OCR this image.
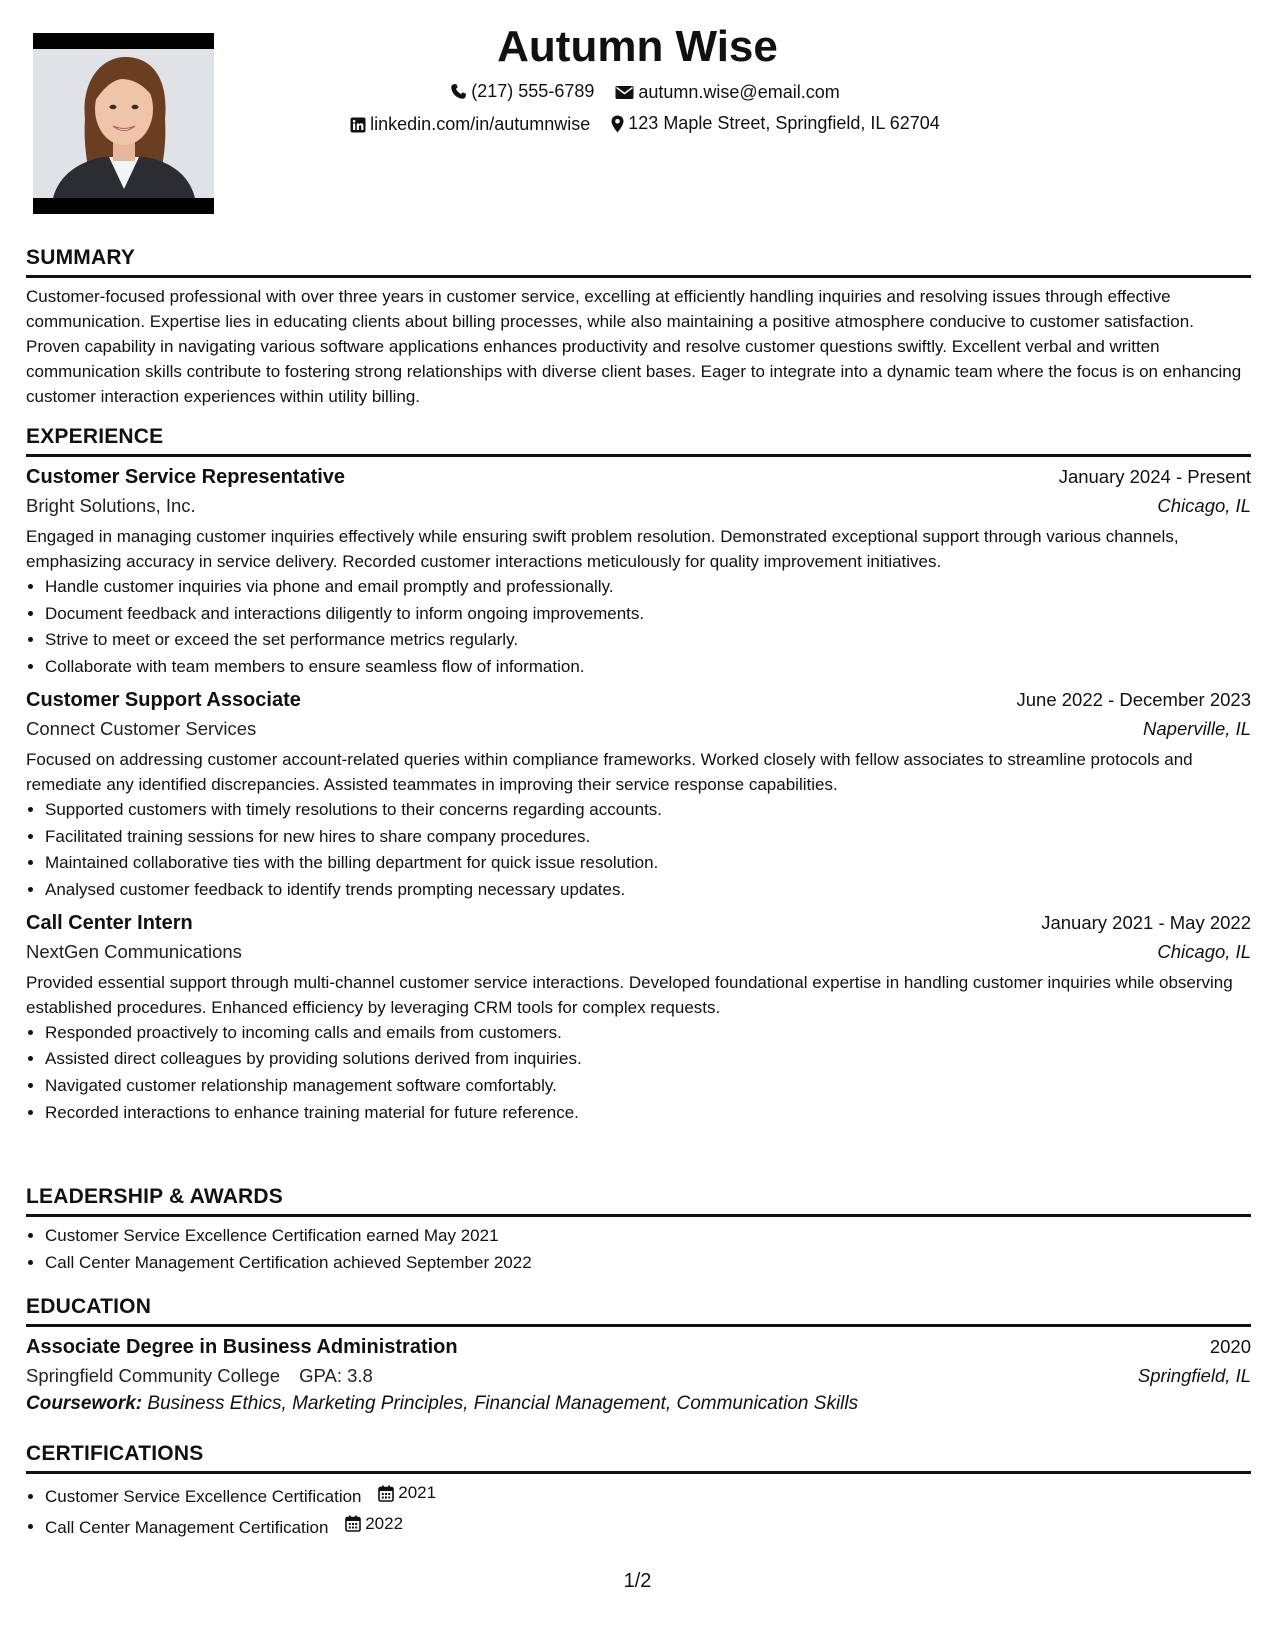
Autumn Wise
(217) 555-6789
autumn.wise@email.com
linkedin.com/in/autumnwise
123 Maple Street, Springfield, IL 62704
SUMMARY
Customer-focused professional with over three years in customer service, excelling at efficiently handling inquiries and resolving issues through effective communication. Expertise lies in educating clients about billing processes, while also maintaining a positive atmosphere conducive to customer satisfaction. Proven capability in navigating various software applications enhances productivity and resolve customer questions swiftly. Excellent verbal and written communication skills contribute to fostering strong relationships with diverse client bases. Eager to integrate into a dynamic team where the focus is on enhancing customer interaction experiences within utility billing.
EXPERIENCE
Customer Service Representative	January 2024 - Present
Bright Solutions, Inc.	Chicago, IL
Engaged in managing customer inquiries effectively while ensuring swift problem resolution. Demonstrated exceptional support through various channels, emphasizing accuracy in service delivery. Recorded customer interactions meticulously for quality improvement initiatives.
• Handle customer inquiries via phone and email promptly and professionally.
• Document feedback and interactions diligently to inform ongoing improvements.
• Strive to meet or exceed the set performance metrics regularly.
• Collaborate with team members to ensure seamless flow of information.
Customer Support Associate	June 2022 - December 2023
Connect Customer Services	Naperville, IL
Focused on addressing customer account-related queries within compliance frameworks. Worked closely with fellow associates to streamline protocols and remediate any identified discrepancies. Assisted teammates in improving their service response capabilities.
• Supported customers with timely resolutions to their concerns regarding accounts.
• Facilitated training sessions for new hires to share company procedures.
• Maintained collaborative ties with the billing department for quick issue resolution.
• Analysed customer feedback to identify trends prompting necessary updates.
Call Center Intern	January 2021 - May 2022
NextGen Communications	Chicago, IL
Provided essential support through multi-channel customer service interactions. Developed foundational expertise in handling customer inquiries while observing established procedures. Enhanced efficiency by leveraging CRM tools for complex requests.
• Responded proactively to incoming calls and emails from customers.
• Assisted direct colleagues by providing solutions derived from inquiries.
• Navigated customer relationship management software comfortably.
• Recorded interactions to enhance training material for future reference.
LEADERSHIP & AWARDS
• Customer Service Excellence Certification earned May 2021
• Call Center Management Certification achieved September 2022
EDUCATION
Associate Degree in Business Administration	2020
Springfield Community College GPA: 3.8	Springfield, IL
Coursework: Business Ethics, Marketing Principles, Financial Management, Communication Skills
CERTIFICATIONS
• Customer Service Excellence Certification 2021
• Call Center Management Certification 2022
1/2
